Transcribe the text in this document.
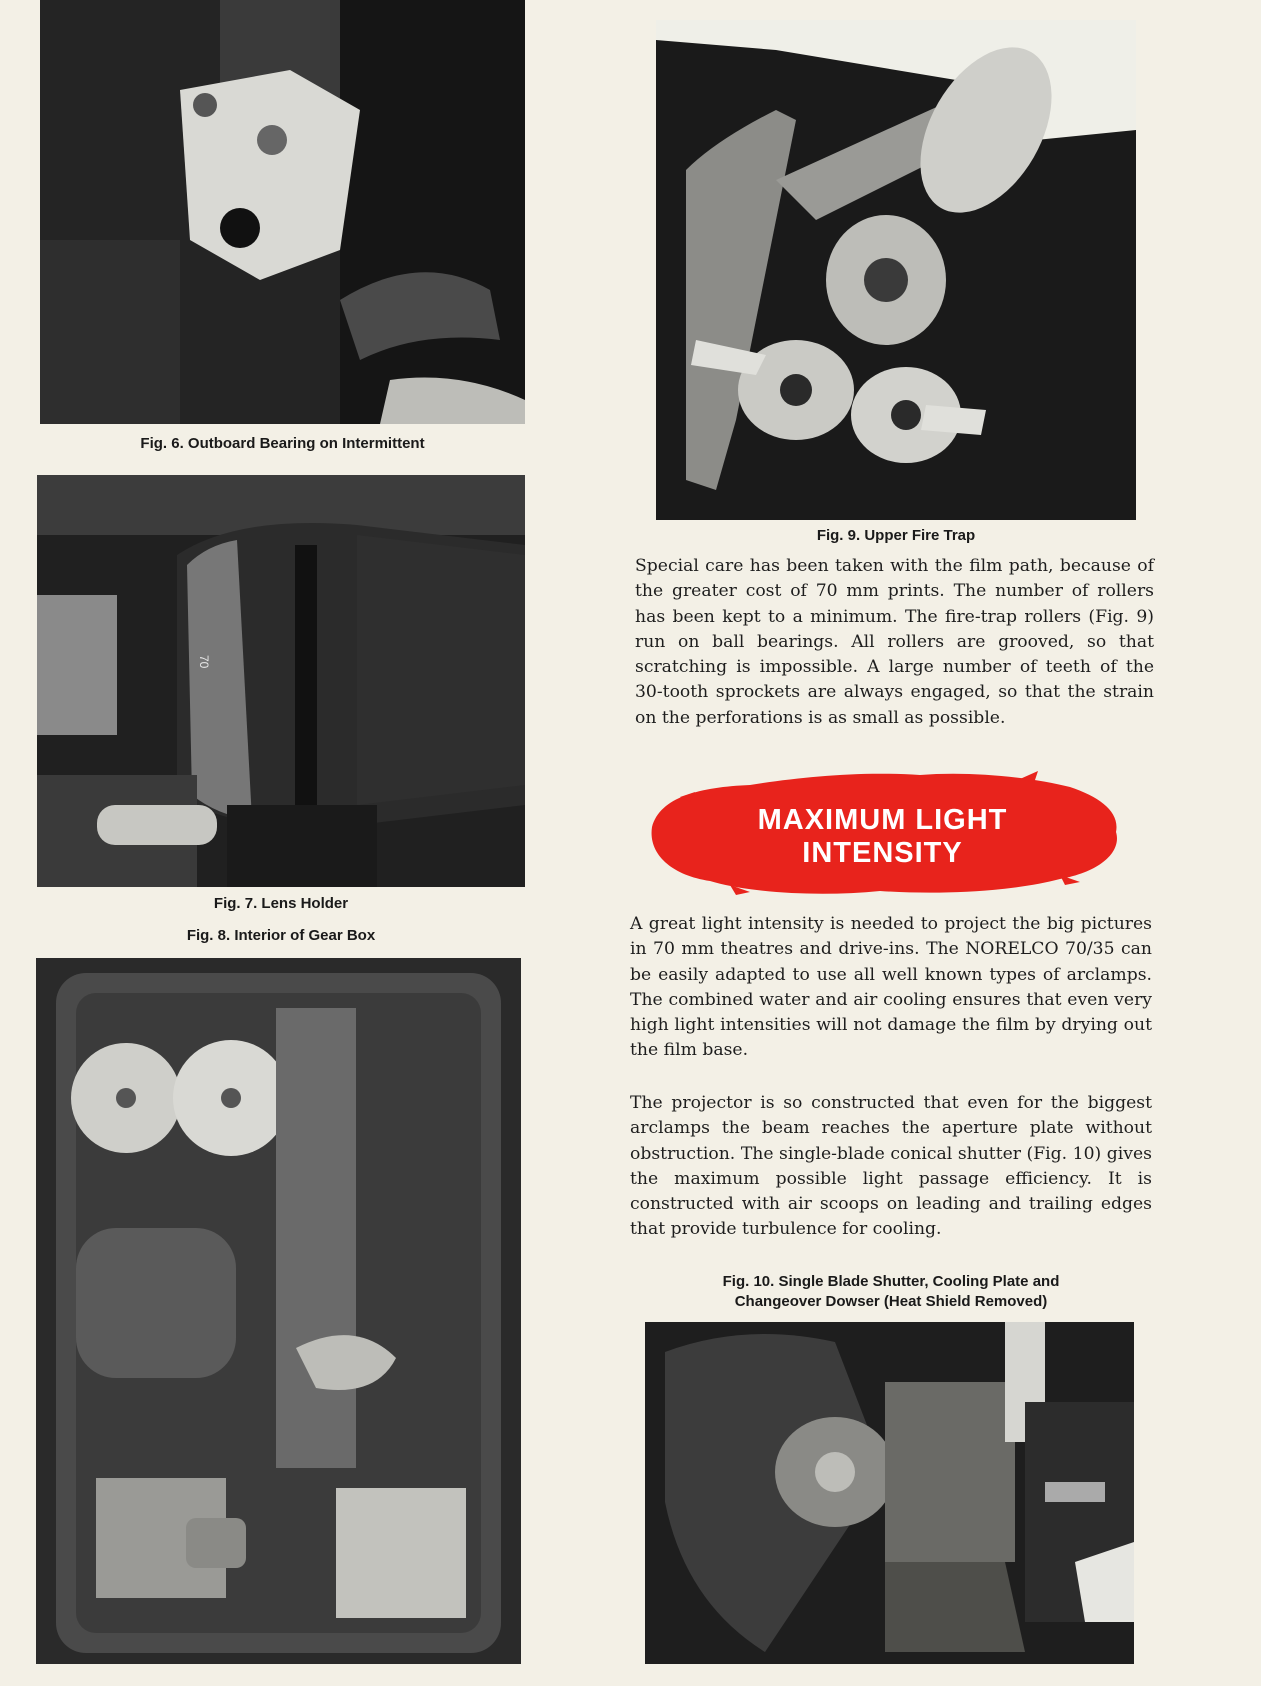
Fig. 6. Outboard Bearing on Intermittent
70
Fig. 7. Lens Holder
Fig. 8. Interior of Gear Box
Fig. 9. Upper Fire Trap

Special care has been taken with the film path, because of the greater cost of 70 mm prints. The number of rollers has been kept to a minimum. The fire-trap rollers (Fig. 9) run on ball bearings. All rollers are grooved, so that scratching is impossible. A large number of teeth of the 30-tooth sprockets are always engaged, so that the strain on the perforations is as small as possible.

MAXIMUM LIGHT
INTENSITY

A great light intensity is needed to project the big pictures in 70 mm theatres and drive-ins. The NORELCO 70/35 can be easily adapted to use all well known types of arclamps. The combined water and air cooling ensures that even very high light intensities will not damage the film by drying out the film base.

The projector is so constructed that even for the biggest arclamps the beam reaches the aperture plate without obstruction. The single-blade conical shutter (Fig. 10) gives the maximum possible light passage efficiency. It is constructed with air scoops on leading and trailing edges that provide turbulence for cooling.

Fig. 10. Single Blade Shutter, Cooling Plate and
Changeover Dowser (Heat Shield Removed)
